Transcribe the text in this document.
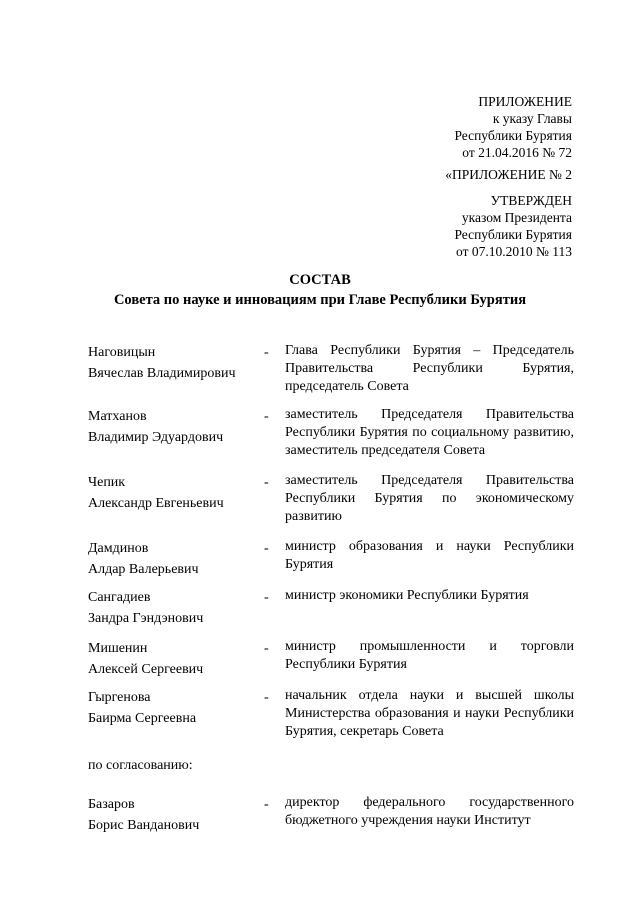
ПРИЛОЖЕНИЕ
к указу Главы
Республики Бурятия
от 21.04.2016 № 72
«ПРИЛОЖЕНИЕ № 2
УТВЕРЖДЕН
указом Президента
Республики Бурятия
от 07.10.2010 № 113
СОСТАВ
Совета по науке и инновациям при Главе Республики Бурятия
Наговицын
Вячеслав Владимирович
- Глава Республики Бурятия – Председатель Правительства Республики Бурятия, председатель Совета
Матханов
Владимир Эдуардович
- заместитель Председателя Правительства Республики Бурятия по социальному развитию, заместитель председателя Совета
Чепик
Александр Евгеньевич
- заместитель Председателя Правительства Республики Бурятия по экономическому развитию
Дамдинов
Алдар Валерьевич
- министр образования и науки Республики Бурятия
Сангадиев
Зандра Гэндэнович
- министр экономики Республики Бурятия
Мишенин
Алексей Сергеевич
- министр промышленности и торговли Республики Бурятия
Гыргенова
Баирма Сергеевна
- начальник отдела науки и высшей школы Министерства образования и науки Республики Бурятия, секретарь Совета
по согласованию:
Базаров
Борис Ванданович
- директор федерального государственного бюджетного учреждения науки Институт
